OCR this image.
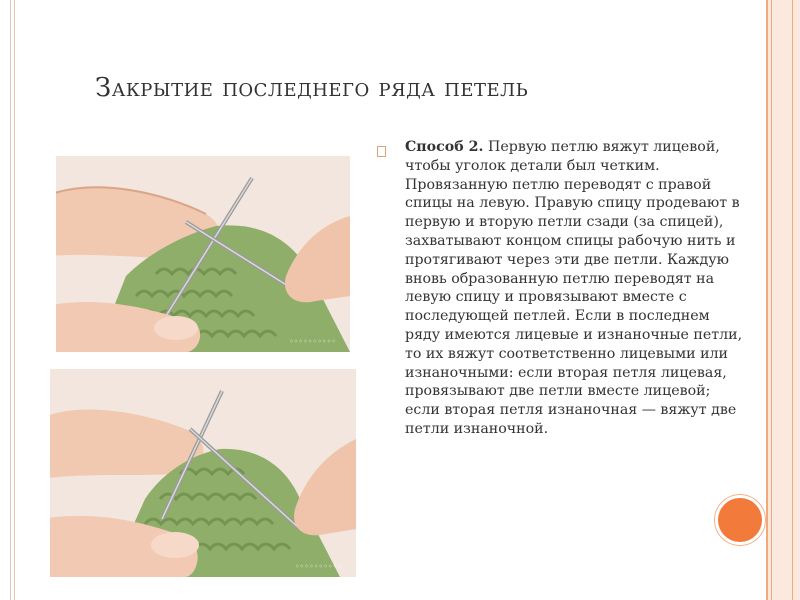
Закрытие последнего ряда петель
◦◦◦◦◦◦◦◦◦◦
◦◦◦◦◦◦◦◦◦◦
Способ 2. Первую петлю вяжут лицевой, чтобы уголок детали был четким. Провязанную петлю переводят с правой спицы на левую. Правую спицу продевают в первую и вторую петли сзади (за спицей), захватывают концом спицы рабочую нить и протягивают через эти две петли. Каждую вновь образованную петлю переводят на левую спицу и провязывают вместе с последующей петлей. Если в последнем ряду имеются лицевые и изнаночные петли, то их вяжут соответственно лицевыми или изнаночными: если вторая петля лицевая, провязывают две петли вместе лицевой; если вторая петля изнаночная — вяжут две петли изнаночной.
